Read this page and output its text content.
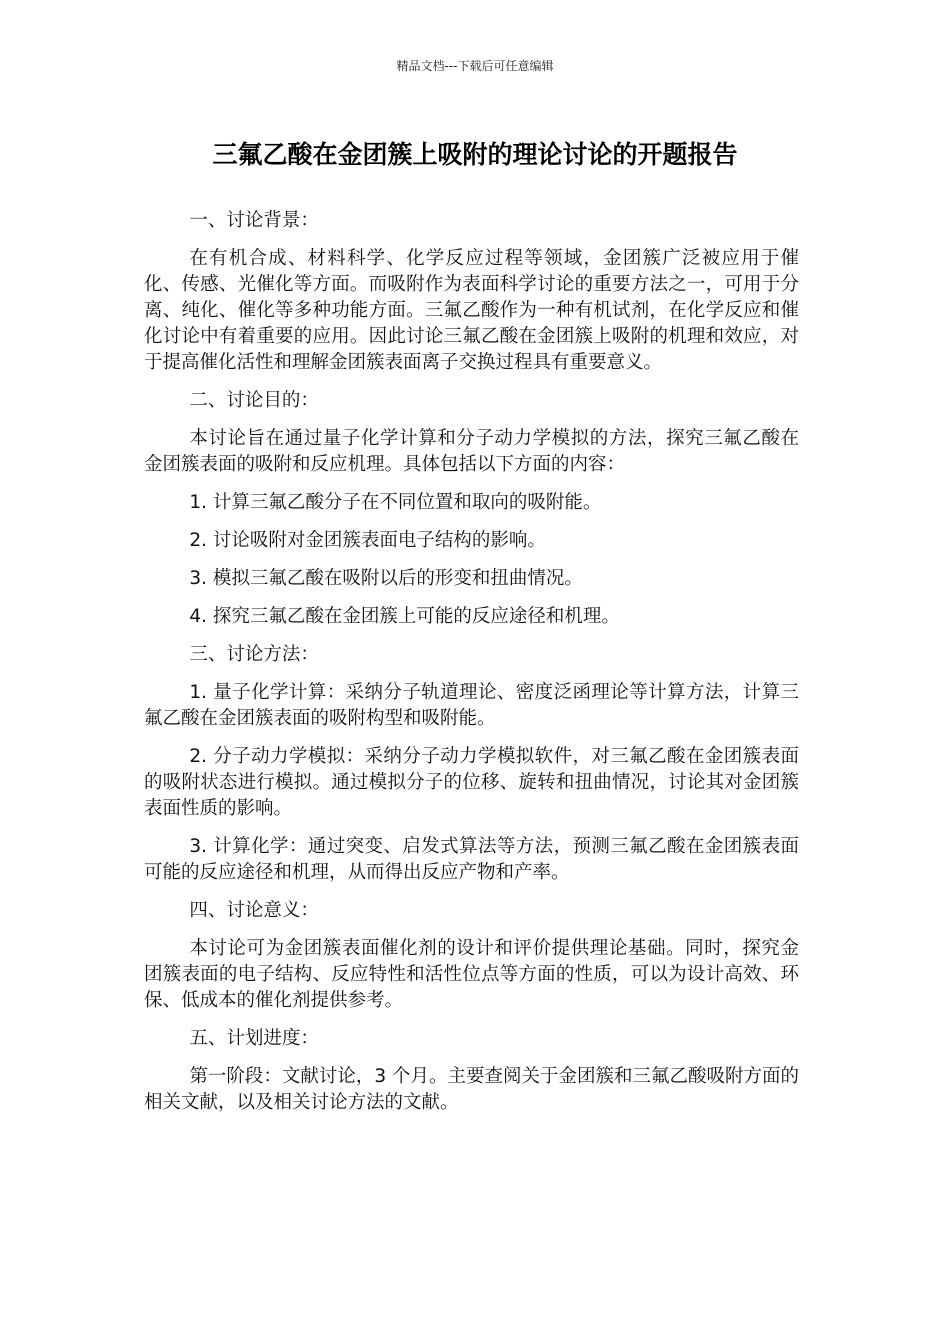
精品文档---下载后可任意编辑
三氟乙酸在金团簇上吸附的理论讨论的开题报告

一、讨论背景：

在有机合成、材料科学、化学反应过程等领域，金团簇广泛被应用于催化、传感、光催化等方面。而吸附作为表面科学讨论的重要方法之一，可用于分离、纯化、催化等多种功能方面。三氟乙酸作为一种有机试剂，在化学反应和催化讨论中有着重要的应用。因此讨论三氟乙酸在金团簇上吸附的机理和效应，对于提高催化活性和理解金团簇表面离子交换过程具有重要意义。

二、讨论目的：

本讨论旨在通过量子化学计算和分子动力学模拟的方法，探究三氟乙酸在金团簇表面的吸附和反应机理。具体包括以下方面的内容：

1. 计算三氟乙酸分子在不同位置和取向的吸附能。

2. 讨论吸附对金团簇表面电子结构的影响。

3. 模拟三氟乙酸在吸附以后的形变和扭曲情况。

4. 探究三氟乙酸在金团簇上可能的反应途径和机理。

三、讨论方法：

1. 量子化学计算：采纳分子轨道理论、密度泛函理论等计算方法，计算三氟乙酸在金团簇表面的吸附构型和吸附能。

2. 分子动力学模拟：采纳分子动力学模拟软件，对三氟乙酸在金团簇表面的吸附状态进行模拟。通过模拟分子的位移、旋转和扭曲情况，讨论其对金团簇表面性质的影响。

3. 计算化学：通过突变、启发式算法等方法，预测三氟乙酸在金团簇表面可能的反应途径和机理，从而得出反应产物和产率。

四、讨论意义：

本讨论可为金团簇表面催化剂的设计和评价提供理论基础。同时，探究金团簇表面的电子结构、反应特性和活性位点等方面的性质，可以为设计高效、环保、低成本的催化剂提供参考。

五、计划进度：

第一阶段：文献讨论，3 个月。主要查阅关于金团簇和三氟乙酸吸附方面的相关文献，以及相关讨论方法的文献。
